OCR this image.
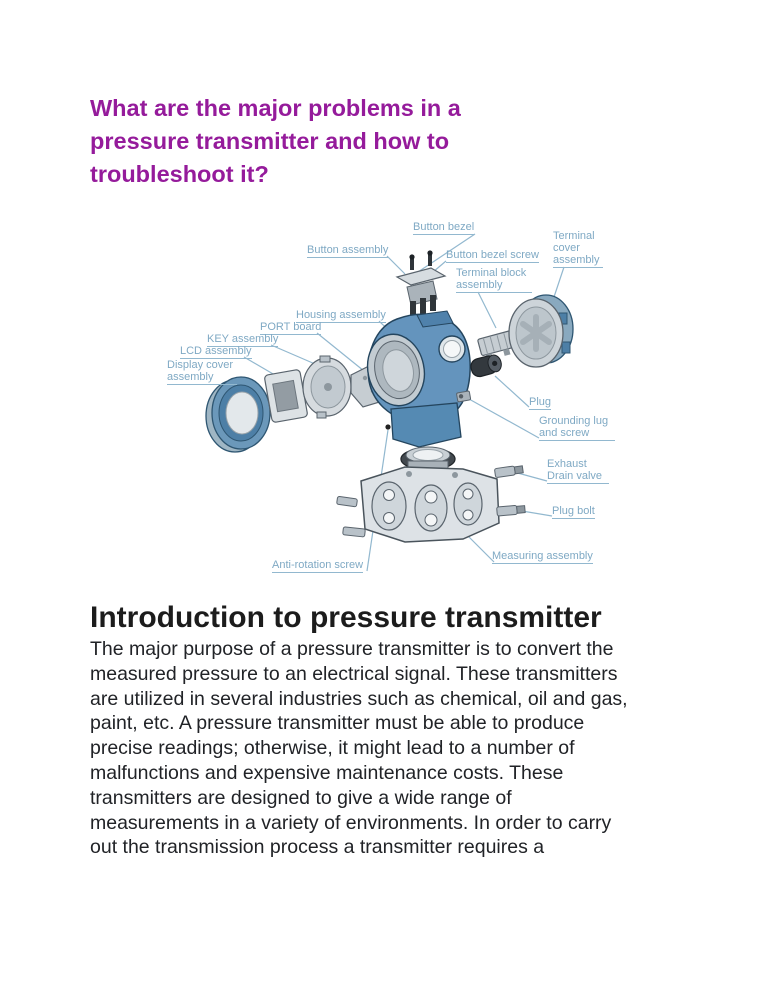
What are the major problems in a
pressure transmitter and how to
troubleshoot it?
Button bezel
Button assembly	Button bezel screw
Terminal cover assembly
Terminal block assembly
Housing assembly
PORT board
KEY assembly
LCD assembly
Display cover assembly
Plug
Grounding lug and screw
Exhaust Drain valve
Plug bolt
Measuring assembly
Anti-rotation screw
Introduction to pressure transmitter
The major purpose of a pressure transmitter is to convert the
measured pressure to an electrical signal. These transmitters
are utilized in several industries such as chemical, oil and gas,
paint, etc. A pressure transmitter must be able to produce
precise readings; otherwise, it might lead to a number of
malfunctions and expensive maintenance costs. These
transmitters are designed to give a wide range of
measurements in a variety of environments. In order to carry
out the transmission process a transmitter requires a
